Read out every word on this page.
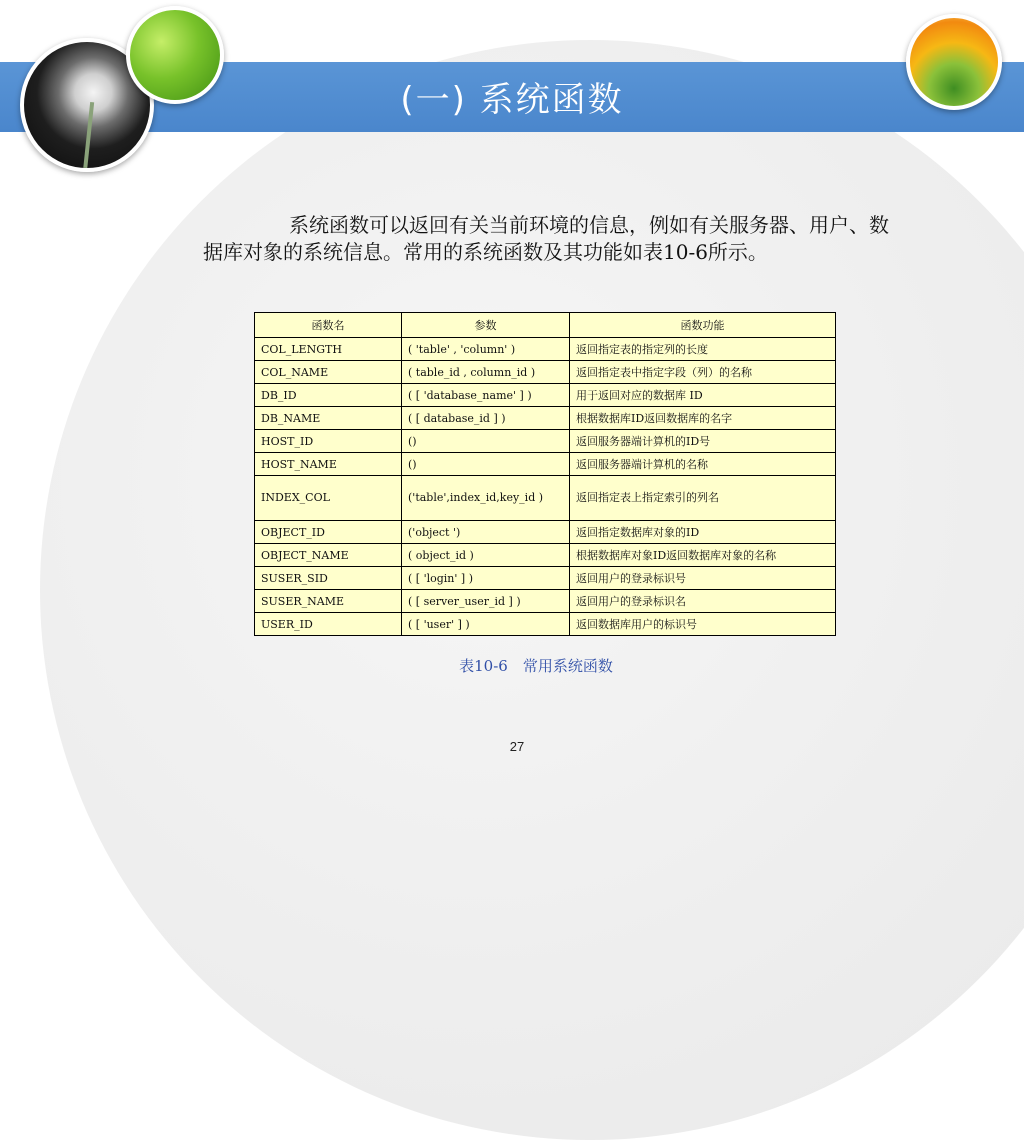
(一) 系统函数
系统函数可以返回有关当前环境的信息，例如有关服务器、用户、数据库对象的系统信息。常用的系统函数及其功能如表10-6所示。
函数名	参数	函数功能
COL_LENGTH	( 'table' , 'column' )	返回指定表的指定列的长度
COL_NAME	( table_id , column_id )	返回指定表中指定字段（列）的名称
DB_ID	( [ 'database_name' ] )	用于返回对应的数据库 ID
DB_NAME	( [ database_id ] )	根据数据库ID返回数据库的名字
HOST_ID	()	返回服务器端计算机的ID号
HOST_NAME	()	返回服务器端计算机的名称
INDEX_COL	('table',index_id,key_id )	返回指定表上指定索引的列名
OBJECT_ID	('object ')	返回指定数据库对象的ID
OBJECT_NAME	( object_id )	根据数据库对象ID返回数据库对象的名称
SUSER_SID	( [ 'login' ] )	返回用户的登录标识号
SUSER_NAME	( [ server_user_id ] )	返回用户的登录标识名
USER_ID	( [ 'user' ] )	返回数据库用户的标识号
表10-6　常用系统函数
27
